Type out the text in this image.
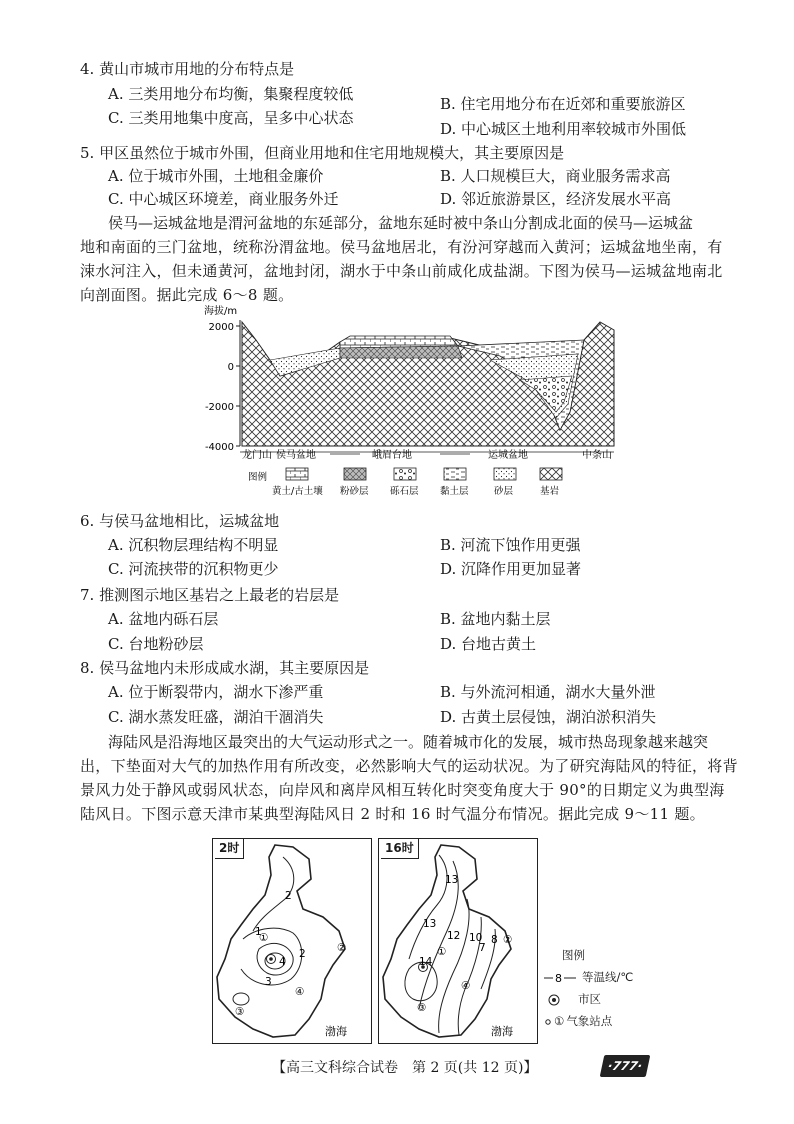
4. 黄山市城市用地的分布特点是
A. 三类用地分布均衡，集聚程度较低
B. 住宅用地分布在近郊和重要旅游区
C. 三类用地集中度高，呈多中心状态
D. 中心城区土地利用率较城市外围低
5. 甲区虽然位于城市外围，但商业用地和住宅用地规模大，其主要原因是
A. 位于城市外围，土地租金廉价	B. 人口规模巨大，商业服务需求高
C. 中心城区环境差，商业服务外迁	D. 邻近旅游景区，经济发展水平高
侯马—运城盆地是渭河盆地的东延部分，盆地东延时被中条山分割成北面的侯马—运城盆
地和南面的三门盆地，统称汾渭盆地。侯马盆地居北，有汾河穿越而入黄河；运城盆地坐南，有
涑水河注入，但未通黄河，盆地封闭，湖水于中条山前咸化成盐湖。下图为侯马—运城盆地南北
向剖面图。据此完成 6～8 题。
海拔/m
2000
0
-2000
-4000
龙门山 侯马盆地	峨眉台地	运城盆地	中条山
图例
黄土/古土壤 粉砂层 砾石层 黏土层	砂层	基岩
6. 与侯马盆地相比，运城盆地
A. 沉积物层理结构不明显	B. 河流下蚀作用更强
C. 河流挟带的沉积物更少	D. 沉降作用更加显著
7. 推测图示地区基岩之上最老的岩层是
A. 盆地内砾石层	B. 盆地内黏土层
C. 台地粉砂层	D. 台地古黄土
8. 侯马盆地内未形成咸水湖，其主要原因是
A. 位于断裂带内，湖水下渗严重	B. 与外流河相通，湖水大量外泄
C. 湖水蒸发旺盛，湖泊干涸消失	D. 古黄土层侵蚀，湖泊淤积消失
海陆风是沿海地区最突出的大气运动形式之一。随着城市化的发展，城市热岛现象越来越突
出，下垫面对大气的加热作用有所改变，必然影响大气的运动状况。为了研究海陆风的特征，将背
景风力处于静风或弱风状态，向岸风和离岸风相互转化时突变角度大于 90°的日期定义为典型海
陆风日。下图示意天津市某典型海陆风日 2 时和 16 时气温分布情况。据此完成 9～11 题。
2时
2
1
2
3
4
①
②
③
④
渤海
16时
13
13
12 10 8
7
14
①
②
③
④
渤海
图例
8 等温线/℃
市区
① 气象站点
【高三文科综合试卷　第 2 页(共 12 页)】	·777·
